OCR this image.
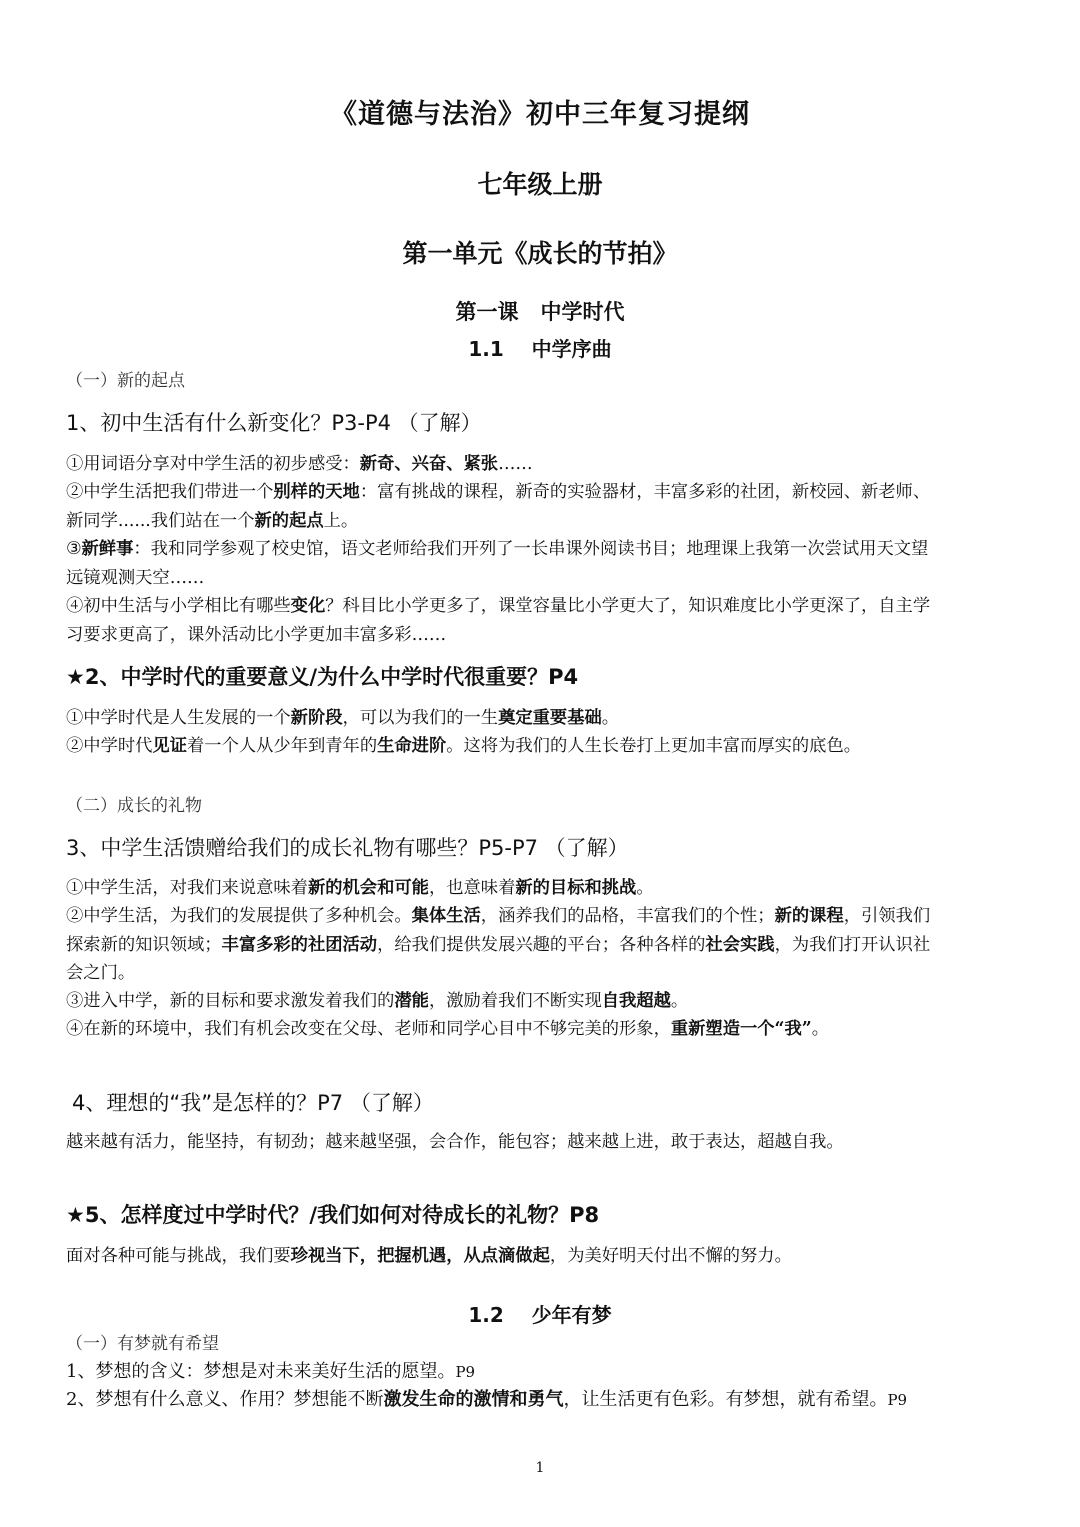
《道德与法治》初中三年复习提纲
七年级上册
第一单元《成长的节拍》
第一课   中学时代
1.1    中学序曲
（一）新的起点
1、初中生活有什么新变化？P3-P4 （了解）
①用词语分享对中学生活的初步感受：新奇、兴奋、紧张……
②中学生活把我们带进一个别样的天地：富有挑战的课程，新奇的实验器材，丰富多彩的社团，新校园、新老师、
新同学......我们站在一个新的起点上。
③新鲜事：我和同学参观了校史馆，语文老师给我们开列了一长串课外阅读书目；地理课上我第一次尝试用天文望
远镜观测天空……
④初中生活与小学相比有哪些变化？科目比小学更多了，课堂容量比小学更大了，知识难度比小学更深了，自主学
习要求更高了，课外活动比小学更加丰富多彩……
★2、中学时代的重要意义/为什么中学时代很重要？P4
①中学时代是人生发展的一个新阶段，可以为我们的一生奠定重要基础。
②中学时代见证着一个人从少年到青年的生命进阶。这将为我们的人生长卷打上更加丰富而厚实的底色。
（二）成长的礼物
3、中学生活馈赠给我们的成长礼物有哪些？P5-P7 （了解）
①中学生活，对我们来说意味着新的机会和可能，也意味着新的目标和挑战。
②中学生活，为我们的发展提供了多种机会。集体生活，涵养我们的品格，丰富我们的个性；新的课程，引领我们
探索新的知识领域；丰富多彩的社团活动，给我们提供发展兴趣的平台；各种各样的社会实践，为我们打开认识社
会之门。
③进入中学，新的目标和要求激发着我们的潜能，激励着我们不断实现自我超越。
④在新的环境中，我们有机会改变在父母、老师和同学心目中不够完美的形象，重新塑造一个“我”。
4、理想的“我”是怎样的？P7 （了解）
越来越有活力，能坚持，有韧劲；越来越坚强，会合作，能包容；越来越上进，敢于表达，超越自我。
★5、怎样度过中学时代？/我们如何对待成长的礼物？P8
面对各种可能与挑战，我们要珍视当下，把握机遇，从点滴做起，为美好明天付出不懈的努力。
1.2    少年有梦
（一）有梦就有希望
1、梦想的含义：梦想是对未来美好生活的愿望。P9
2、梦想有什么意义、作用？梦想能不断激发生命的激情和勇气，让生活更有色彩。有梦想，就有希望。P9
1
